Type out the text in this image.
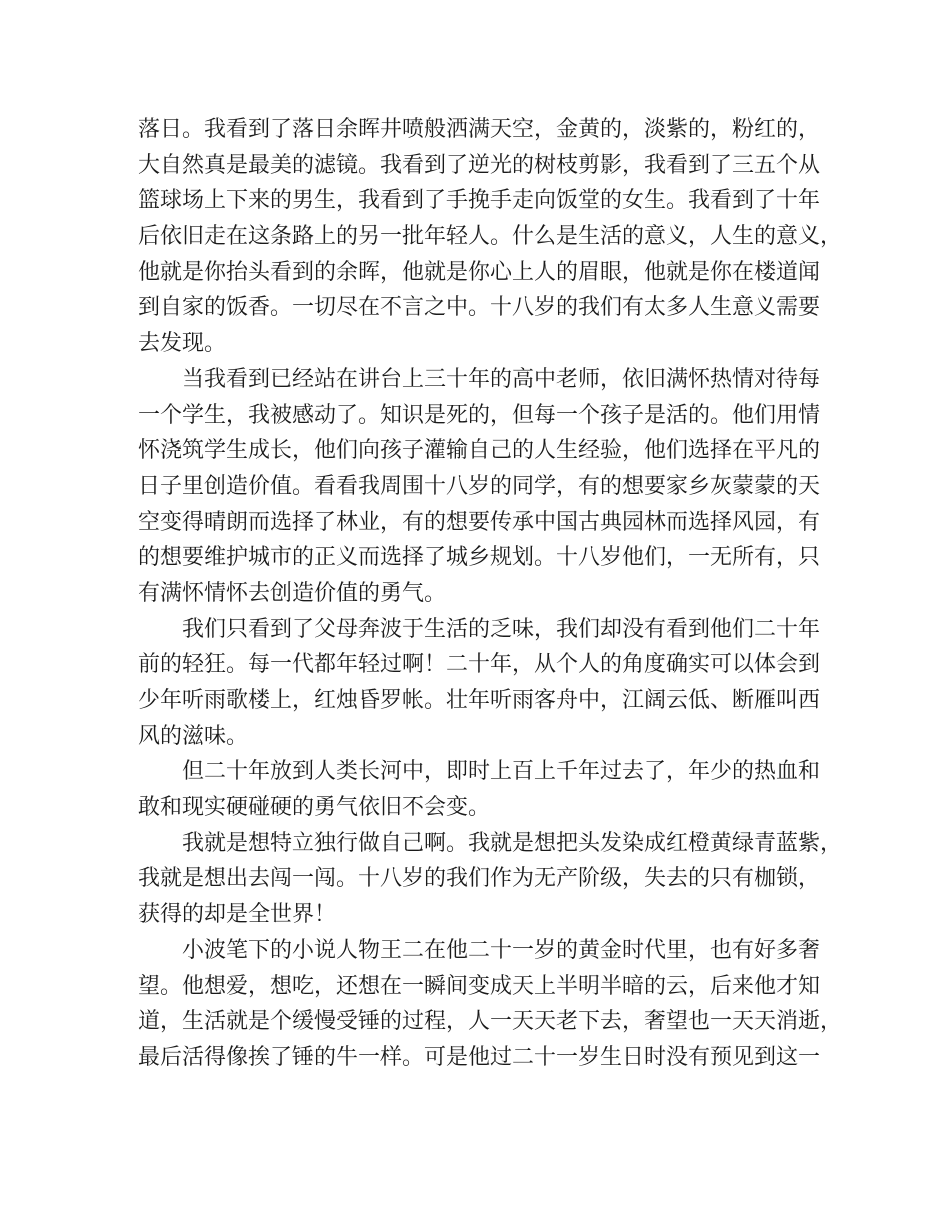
落日。我看到了落日余晖井喷般洒满天空，金黄的，淡紫的，粉红的，
大自然真是最美的滤镜。我看到了逆光的树枝剪影，我看到了三五个从
篮球场上下来的男生，我看到了手挽手走向饭堂的女生。我看到了十年
后依旧走在这条路上的另一批年轻人。什么是生活的意义，人生的意义，
他就是你抬头看到的余晖，他就是你心上人的眉眼，他就是你在楼道闻
到自家的饭香。一切尽在不言之中。十八岁的我们有太多人生意义需要
去发现。
当我看到已经站在讲台上三十年的高中老师，依旧满怀热情对待每
一个学生，我被感动了。知识是死的，但每一个孩子是活的。他们用情
怀浇筑学生成长，他们向孩子灌输自己的人生经验，他们选择在平凡的
日子里创造价值。看看我周围十八岁的同学，有的想要家乡灰蒙蒙的天
空变得晴朗而选择了林业，有的想要传承中国古典园林而选择风园，有
的想要维护城市的正义而选择了城乡规划。十八岁他们，一无所有，只
有满怀情怀去创造价值的勇气。
我们只看到了父母奔波于生活的乏味，我们却没有看到他们二十年
前的轻狂。每一代都年轻过啊！二十年，从个人的角度确实可以体会到
少年听雨歌楼上，红烛昏罗帐。壮年听雨客舟中，江阔云低、断雁叫西
风的滋味。
但二十年放到人类长河中，即时上百上千年过去了，年少的热血和
敢和现实硬碰硬的勇气依旧不会变。
我就是想特立独行做自己啊。我就是想把头发染成红橙黄绿青蓝紫，
我就是想出去闯一闯。十八岁的我们作为无产阶级，失去的只有枷锁，
获得的却是全世界！
小波笔下的小说人物王二在他二十一岁的黄金时代里，也有好多奢
望。他想爱，想吃，还想在一瞬间变成天上半明半暗的云，后来他才知
道，生活就是个缓慢受锤的过程，人一天天老下去，奢望也一天天消逝，
最后活得像挨了锤的牛一样。可是他过二十一岁生日时没有预见到这一
